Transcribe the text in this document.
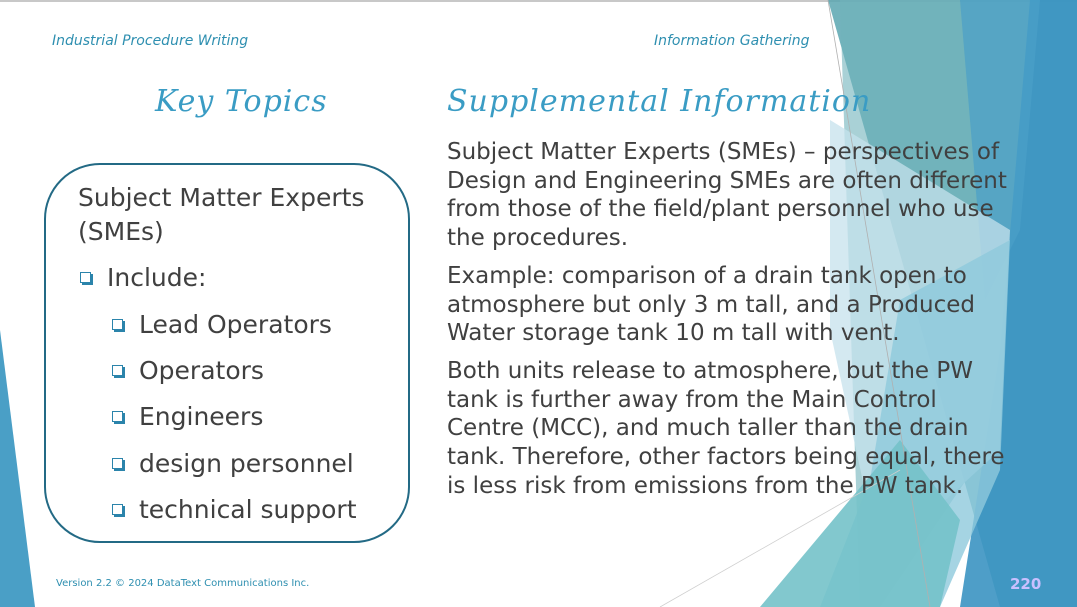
Industrial Procedure Writing	Information Gathering
Key Topics	Supplemental Information
Subject Matter Experts (SMEs)
Include:
Lead Operators
Operators
Engineers
design personnel
technical support

Subject Matter Experts (SMEs) – perspectives of Design and Engineering SMEs are often different from those of the field/plant personnel who use the procedures.

Example: comparison of a drain tank open to atmosphere but only 3 m tall, and a Produced Water storage tank 10 m tall with vent.

Both units release to atmosphere, but the PW tank is further away from the Main Control Centre (MCC), and much taller than the drain tank. Therefore, other factors being equal, there is less risk from emissions from the PW tank.

Version 2.2 © 2024 DataText Communications Inc.	220
